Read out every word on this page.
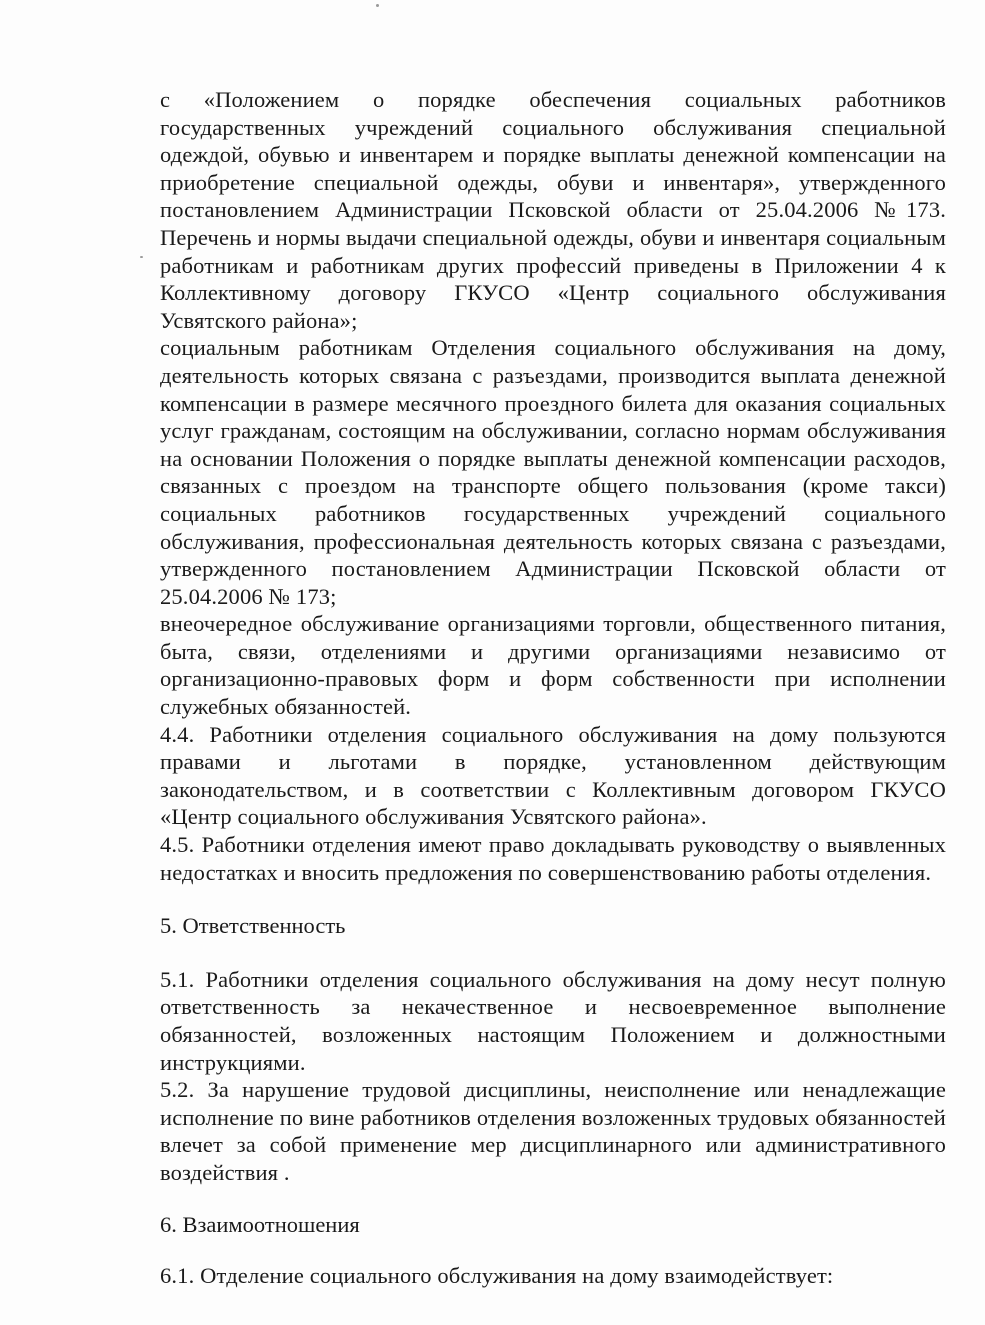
с «Положением о порядке обеспечения социальных работников государственных учреждений социального обслуживания специальной одеждой, обувью и инвентарем и порядке выплаты денежной компенсации на приобретение специальной одежды, обуви и инвентаря», утвержденного постановлением Администрации Псковской области от 25.04.2006 №173. Перечень и нормы выдачи специальной одежды, обуви и инвентаря социальным работникам и работникам других профессий приведены в Приложении 4 к Коллективному договору ГКУСО «Центр социального обслуживания Усвятского района»;

социальным работникам Отделения социального обслуживания на дому, деятельность которых связана с разъездами, производится выплата денежной компенсации в размере месячного проездного билета для оказания социальных услуг гражданам, состоящим на обслуживании, согласно нормам обслуживания на основании Положения о порядке выплаты денежной компенсации расходов, связанных с проездом на транспорте общего пользования (кроме такси) социальных работников государственных учреждений социального обслуживания, профессиональная деятельность которых связана с разъездами, утвержденного постановлением Администрации Псковской области от 25.04.2006 № 173;

внеочередное обслуживание организациями торговли, общественного питания, быта, связи, отделениями и другими организациями независимо от организационно-правовых форм и форм собственности при исполнении служебных обязанностей.

4.4. Работники отделения социального обслуживания на дому пользуются правами и льготами в порядке, установленном действующим законодательством, и в соответствии с Коллективным договором ГКУСО «Центр социального обслуживания Усвятского района».

4.5. Работники отделения имеют право докладывать руководству о выявленных недостатках и вносить предложения по совершенствованию работы отделения.

5. Ответственность

5.1. Работники отделения социального обслуживания на дому несут полную ответственность за некачественное и несвоевременное выполнение обязанностей, возложенных настоящим Положением и должностными инструкциями.

5.2. За нарушение трудовой дисциплины, неисполнение или ненадлежащие исполнение по вине работников отделения возложенных трудовых обязанностей влечет за собой применение мер дисциплинарного или административного воздействия .

6. Взаимоотношения

6.1. Отделение социального обслуживания на дому взаимодействует:
